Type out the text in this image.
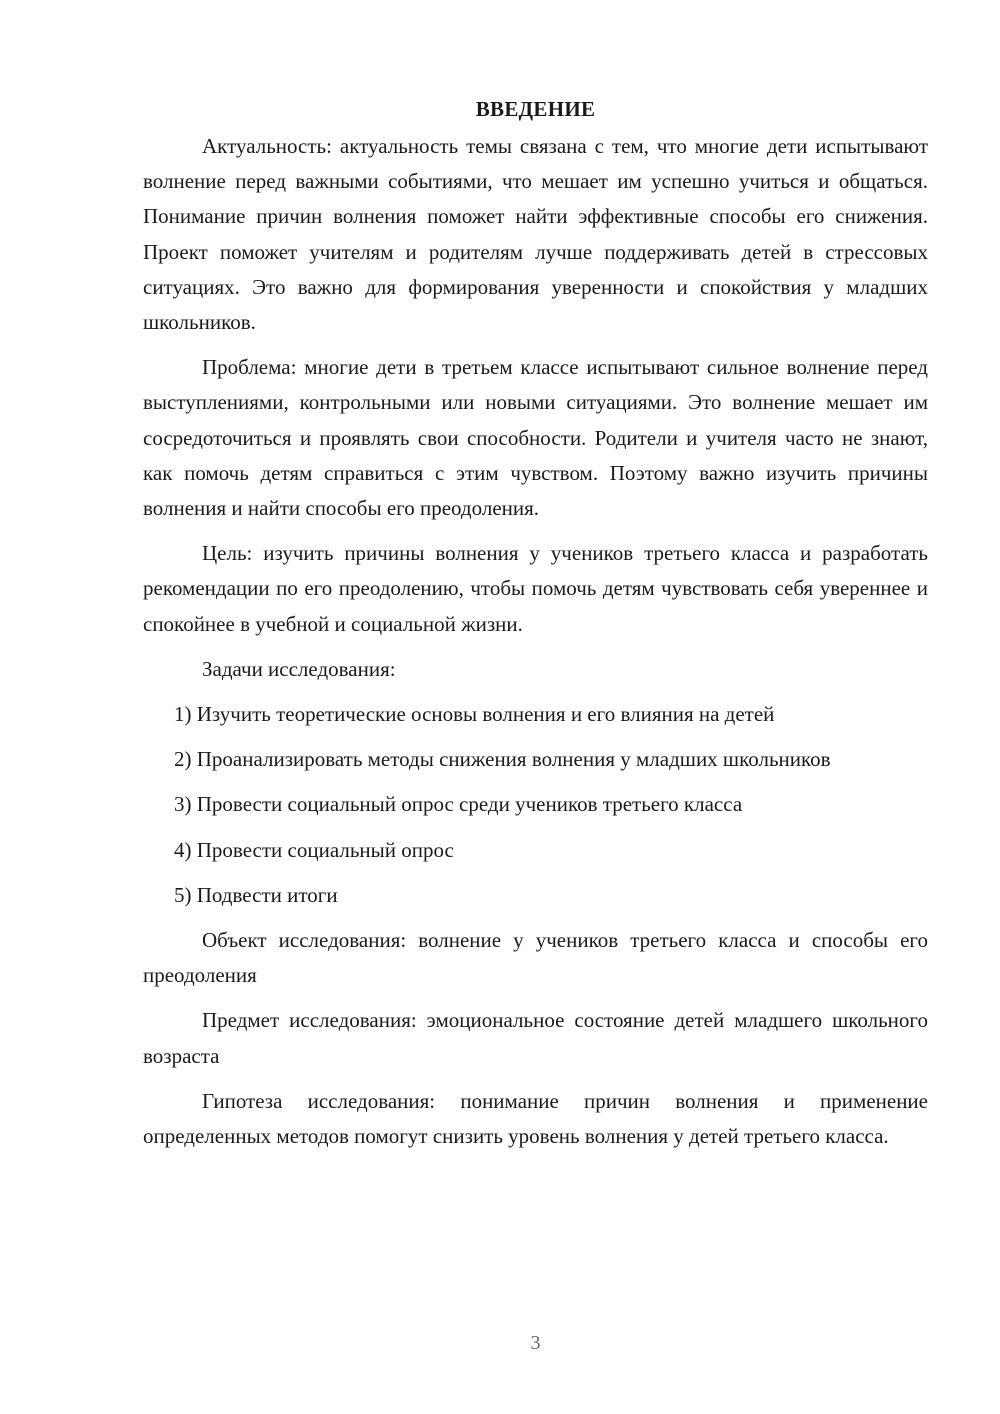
ВВЕДЕНИЕ

Актуальность: актуальность темы связана с тем, что многие дети испытывают волнение перед важными событиями, что мешает им успешно учиться и общаться. Понимание причин волнения поможет найти эффективные способы его снижения. Проект поможет учителям и родителям лучше поддерживать детей в стрессовых ситуациях. Это важно для формирования уверенности и спокойствия у младших школьников.

Проблема: многие дети в третьем классе испытывают сильное волнение перед выступлениями, контрольными или новыми ситуациями. Это волнение мешает им сосредоточиться и проявлять свои способности. Родители и учителя часто не знают, как помочь детям справиться с этим чувством. Поэтому важно изучить причины волнения и найти способы его преодоления.

Цель: изучить причины волнения у учеников третьего класса и разработать рекомендации по его преодолению, чтобы помочь детям чувствовать себя увереннее и спокойнее в учебной и социальной жизни.

Задачи исследования:

1) Изучить теоретические основы волнения и его влияния на детей

2) Проанализировать методы снижения волнения у младших школьников

3) Провести социальный опрос среди учеников третьего класса

4) Провести социальный опрос

5) Подвести итоги

Объект исследования: волнение у учеников третьего класса и способы его преодоления

Предмет исследования: эмоциональное состояние детей младшего школьного возраста

Гипотеза исследования: понимание причин волнения и применение определенных методов помогут снизить уровень волнения у детей третьего класса.

3
